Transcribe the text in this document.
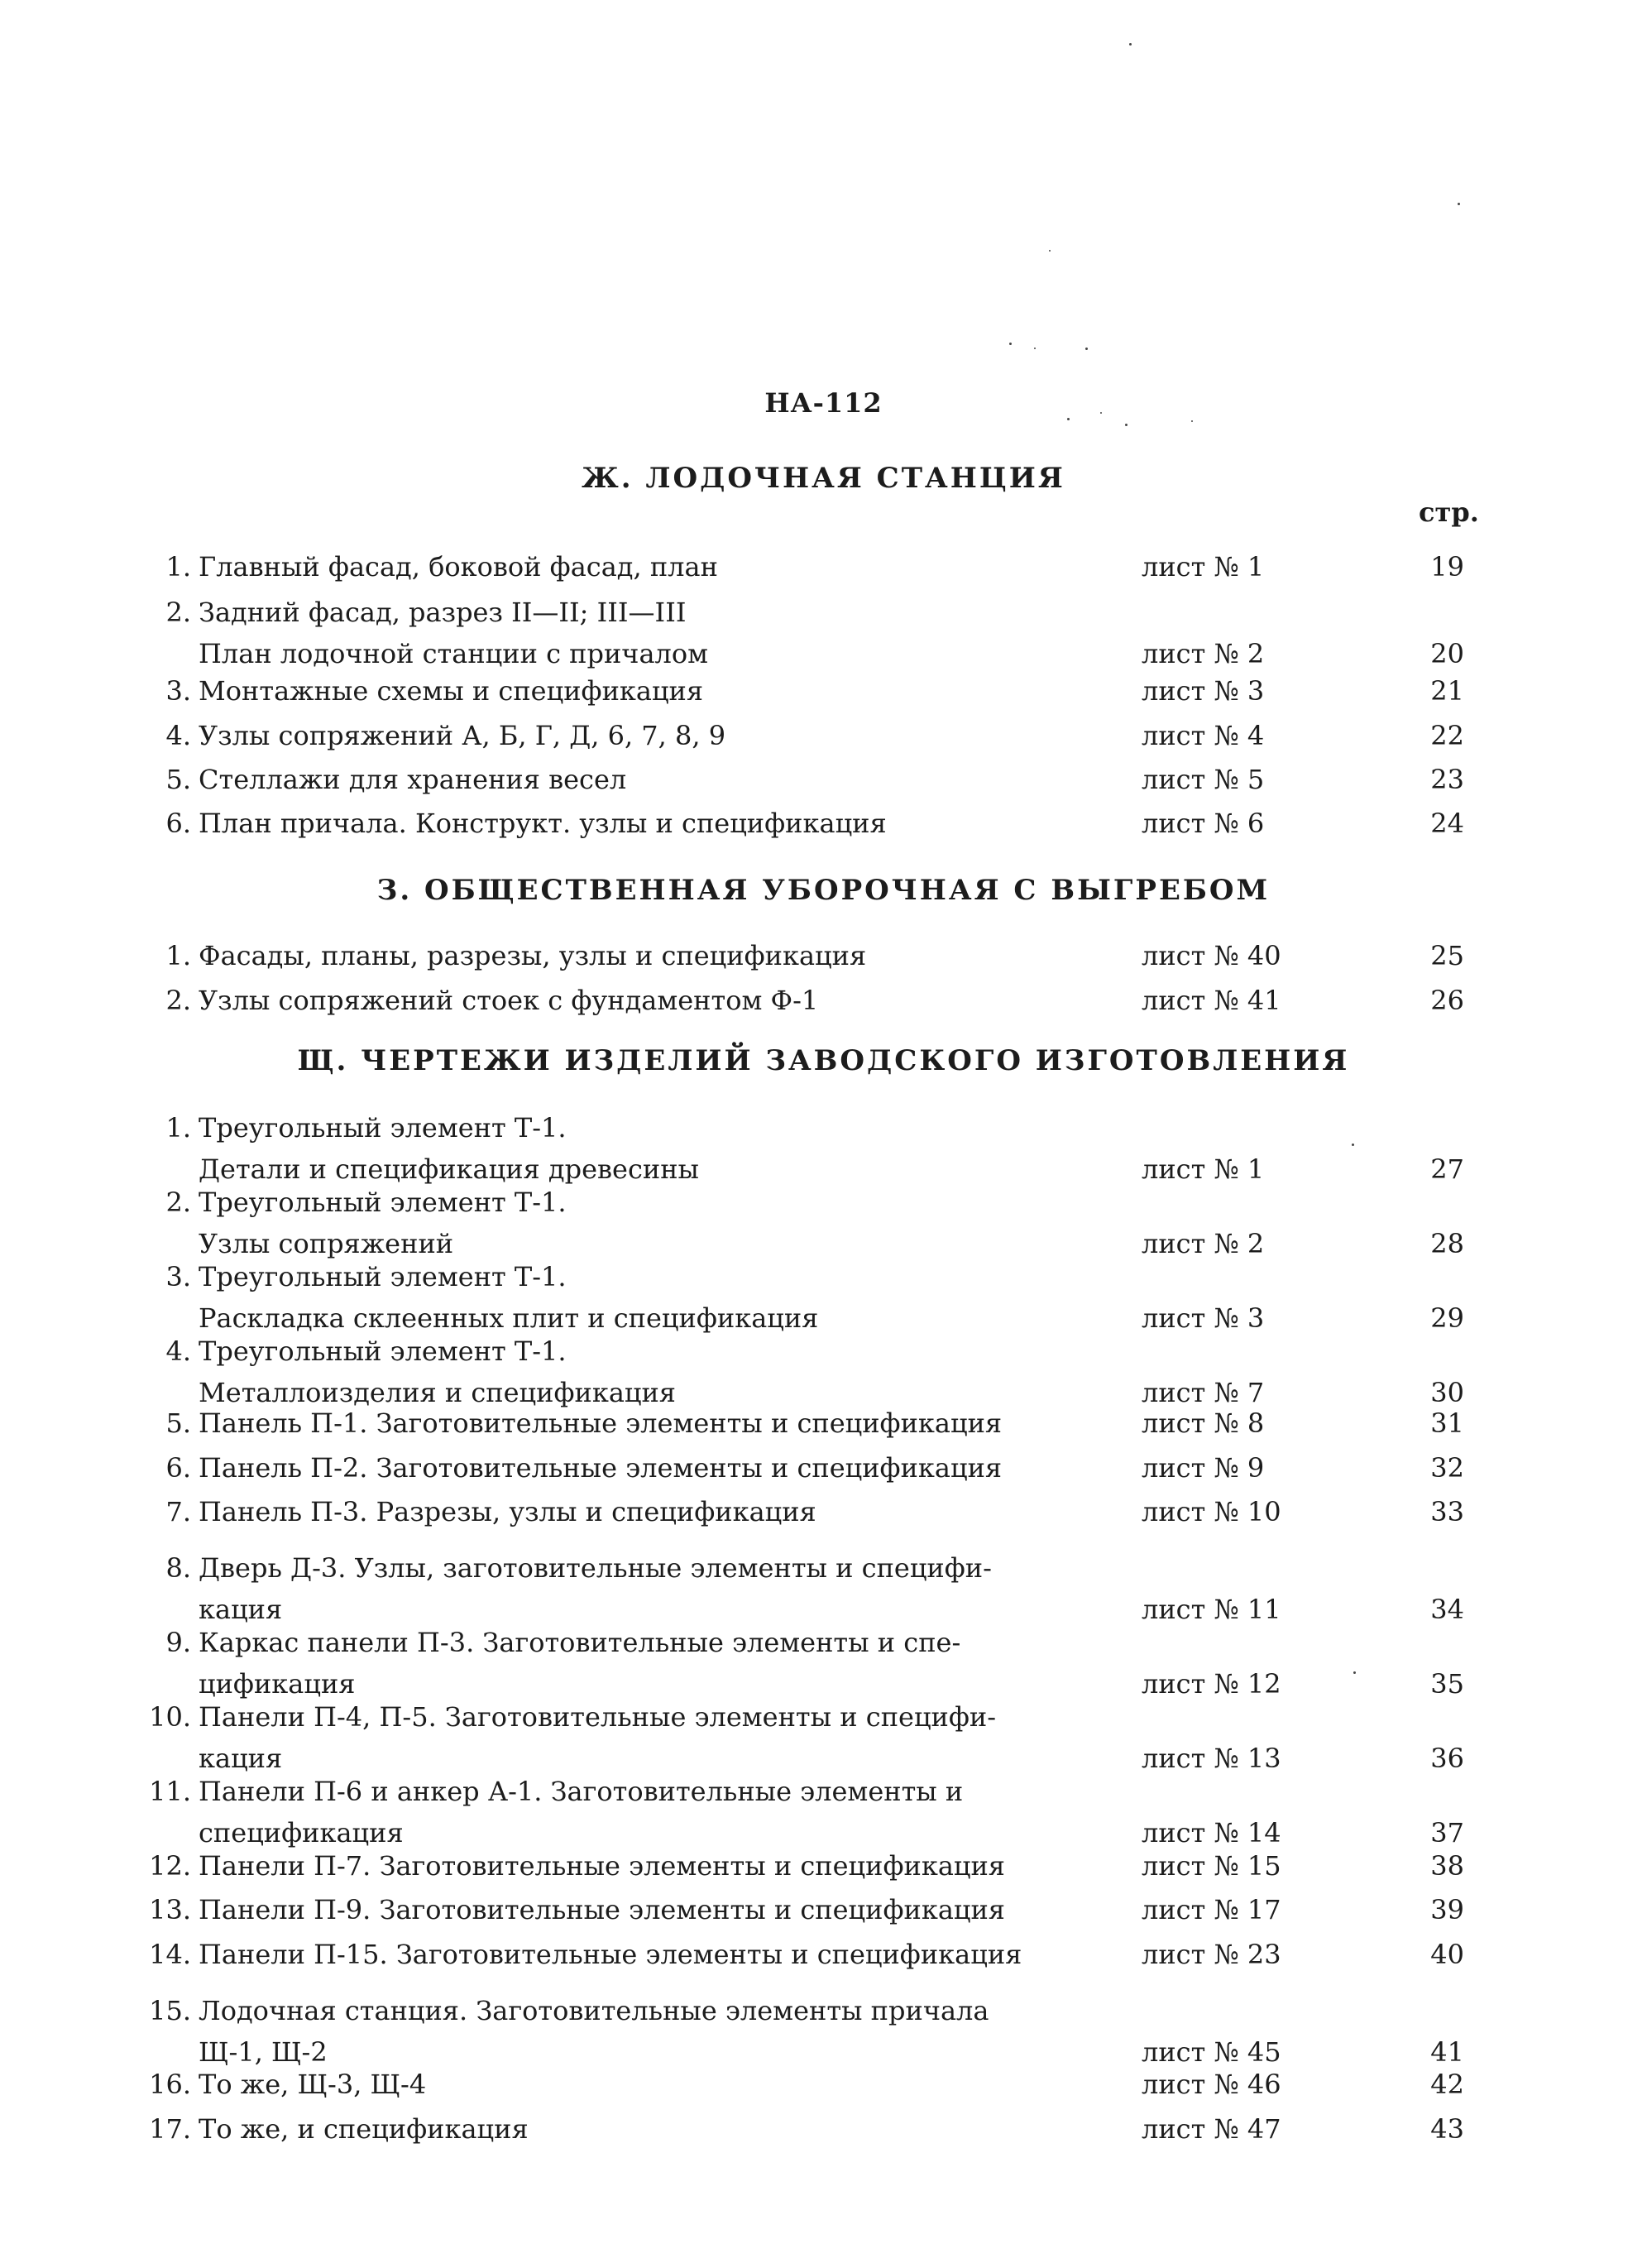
НА-112
стр.
Ж. ЛОДОЧНАЯ СТАНЦИЯ
1. Главный фасад, боковой фасад, план	лист № 1	19
2. Задний фасад, разрез II—II; III—III
План лодочной станции с причалом	лист № 2	20
3. Монтажные схемы и спецификация	лист № 3	21
4. Узлы сопряжений А, Б, Г, Д, 6, 7, 8, 9	лист № 4	22
5. Стеллажи для хранения весел	лист № 5	23
6. План причала. Конструкт. узлы и спецификация	лист № 6	24
З. ОБЩЕСТВЕННАЯ УБОРОЧНАЯ С ВЫГРЕБОМ
1. Фасады, планы, разрезы, узлы и спецификация	лист № 40	25
2. Узлы сопряжений стоек с фундаментом Ф-1	лист № 41	26
Щ. ЧЕРТЕЖИ ИЗДЕЛИЙ ЗАВОДСКОГО ИЗГОТОВЛЕНИЯ
1. Треугольный элемент Т-1.
Детали и спецификация древесины	лист № 1	27
2. Треугольный элемент Т-1.
Узлы сопряжений	лист № 2	28
3. Треугольный элемент Т-1.
Раскладка склеенных плит и спецификация	лист № 3	29
4. Треугольный элемент Т-1.
Металлоизделия и спецификация	лист № 7	30
5. Панель П-1. Заготовительные элементы и спецификация	лист № 8	31
6. Панель П-2. Заготовительные элементы и спецификация	лист № 9	32
7. Панель П-3. Разрезы, узлы и спецификация	лист № 10	33
8. Дверь Д-3. Узлы, заготовительные элементы и специфи-
кация	лист № 11	34
9. Каркас панели П-3. Заготовительные элементы и спе-
цификация	лист № 12	35
10. Панели П-4, П-5. Заготовительные элементы и специфи-
кация	лист № 13	36
11. Панели П-6 и анкер А-1. Заготовительные элементы и
спецификация	лист № 14	37
12. Панели П-7. Заготовительные элементы и спецификация	лист № 15	38
13. Панели П-9. Заготовительные элементы и спецификация	лист № 17	39
14. Панели П-15. Заготовительные элементы и спецификация	лист № 23	40
15. Лодочная станция. Заготовительные элементы причала
Щ-1, Щ-2	лист № 45	41
16. То же, Щ-3, Щ-4	лист № 46	42
17. То же, и спецификация	лист № 47	43
